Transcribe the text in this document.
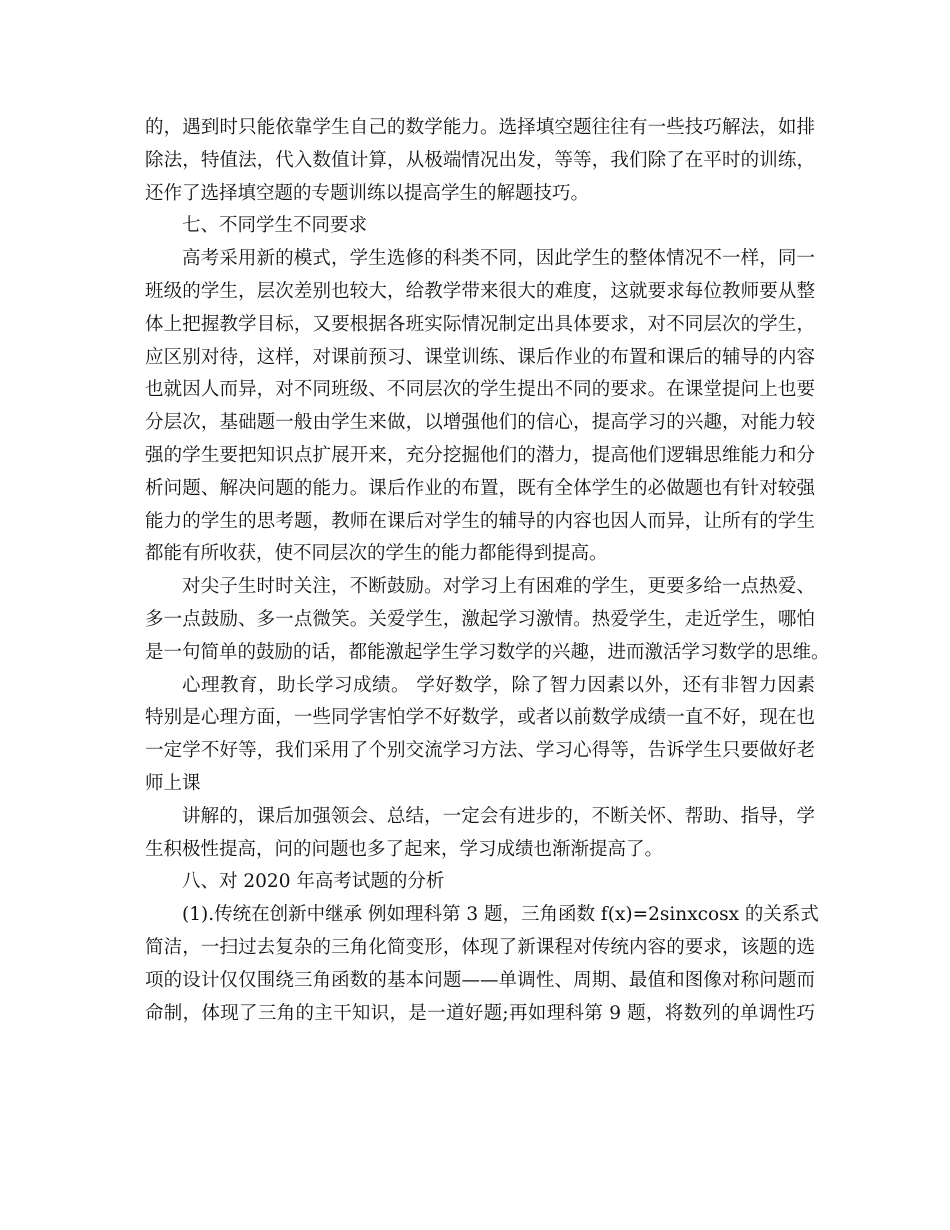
的，遇到时只能依靠学生自己的数学能力。选择填空题往往有一些技巧解法，如排
除法，特值法，代入数值计算，从极端情况出发，等等，我们除了在平时的训练，
还作了选择填空题的专题训练以提高学生的解题技巧。
七、不同学生不同要求
高考采用新的模式，学生选修的科类不同，因此学生的整体情况不一样，同一
班级的学生，层次差别也较大，给教学带来很大的难度，这就要求每位教师要从整
体上把握教学目标，又要根据各班实际情况制定出具体要求，对不同层次的学生，
应区别对待，这样，对课前预习、课堂训练、课后作业的布置和课后的辅导的内容
也就因人而异，对不同班级、不同层次的学生提出不同的要求。在课堂提问上也要
分层次，基础题一般由学生来做，以增强他们的信心，提高学习的兴趣，对能力较
强的学生要把知识点扩展开来，充分挖掘他们的潜力，提高他们逻辑思维能力和分
析问题、解决问题的能力。课后作业的布置，既有全体学生的必做题也有针对较强
能力的学生的思考题，教师在课后对学生的辅导的内容也因人而异，让所有的学生
都能有所收获，使不同层次的学生的能力都能得到提高。
对尖子生时时关注，不断鼓励。对学习上有困难的学生，更要多给一点热爱、
多一点鼓励、多一点微笑。关爱学生，激起学习激情。热爱学生，走近学生，哪怕
是一句简单的鼓励的话，都能激起学生学习数学的兴趣，进而激活学习数学的思维。
心理教育，助长学习成绩。 学好数学，除了智力因素以外，还有非智力因素
特别是心理方面，一些同学害怕学不好数学，或者以前数学成绩一直不好，现在也
一定学不好等，我们采用了个别交流学习方法、学习心得等，告诉学生只要做好老
师上课
讲解的，课后加强领会、总结，一定会有进步的，不断关怀、帮助、指导，学
生积极性提高，问的问题也多了起来，学习成绩也渐渐提高了。
八、对 2020 年高考试题的分析
(1).传统在创新中继承 例如理科第 3 题，三角函数 f(x)=2sinxcosx 的关系式
简洁，一扫过去复杂的三角化简变形，体现了新课程对传统内容的要求，该题的选
项的设计仅仅围绕三角函数的基本问题——单调性、周期、最值和图像对称问题而
命制，体现了三角的主干知识，是一道好题;再如理科第 9 题，将数列的单调性巧
